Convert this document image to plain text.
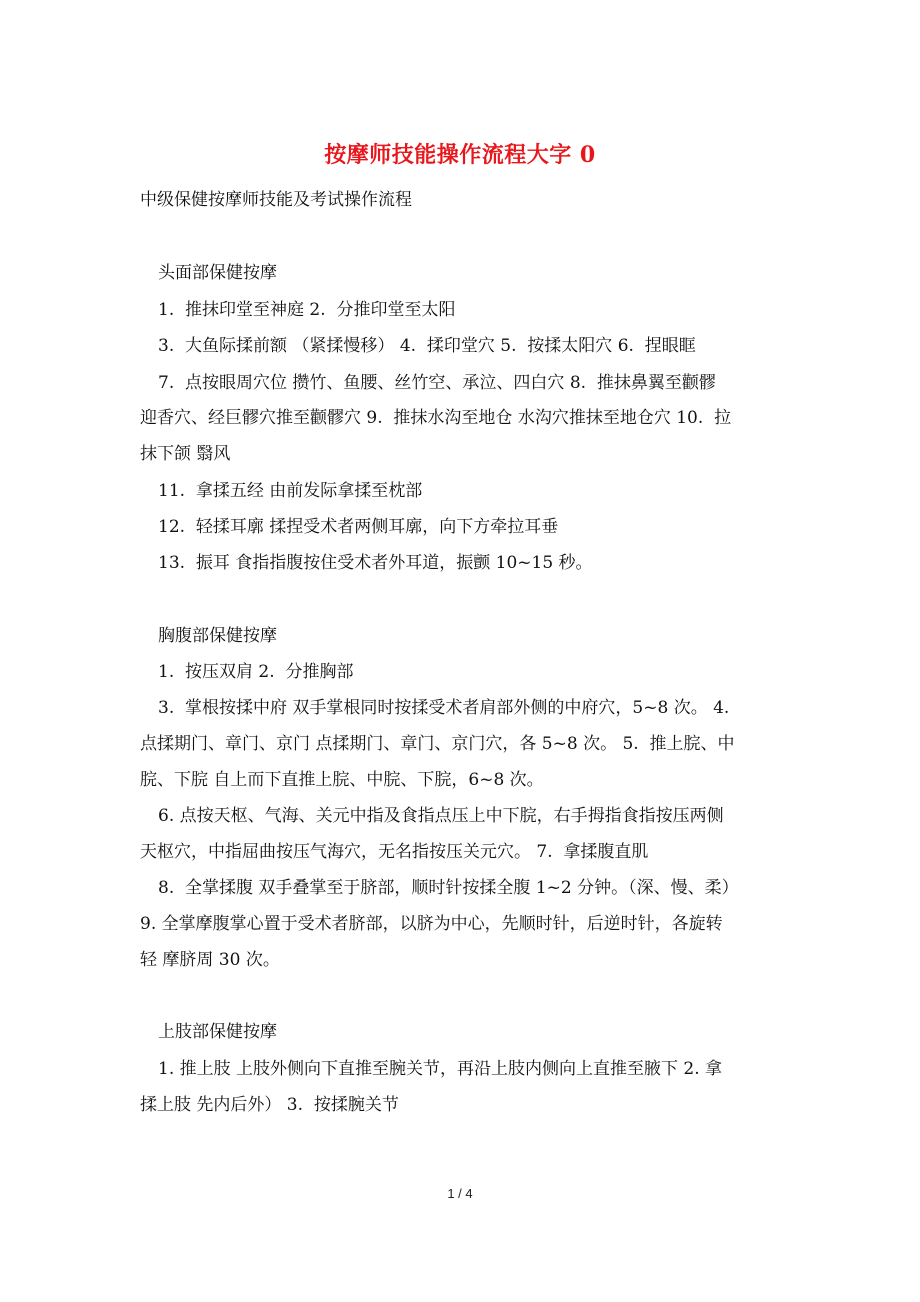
按摩师技能操作流程大字 0
中级保健按摩师技能及考试操作流程
头面部保健按摩
1.  推抹印堂至神庭 2.  分推印堂至太阳
3.  大鱼际揉前额 （紧揉慢移） 4.  揉印堂穴 5.  按揉太阳穴 6.  捏眼眶
7.  点按眼周穴位 攒竹、鱼腰、丝竹空、承泣、四白穴 8.  推抹鼻翼至颧髎
迎香穴、经巨髎穴推至颧髎穴 9.  推抹水沟至地仓 水沟穴推抹至地仓穴 10.  拉
抹下颌 翳风
11.  拿揉五经 由前发际拿揉至枕部
12.  轻揉耳廓 揉捏受术者两侧耳廓，向下方牵拉耳垂
13.  振耳 食指指腹按住受术者外耳道，振颤 10~15 秒。
胸腹部保健按摩
1.  按压双肩 2.  分推胸部
3.  掌根按揉中府 双手掌根同时按揉受术者肩部外侧的中府穴，5~8 次。 4.
点揉期门、章门、京门 点揉期门、章门、京门穴，各 5~8 次。 5.  推上脘、中
脘、下脘 自上而下直推上脘、中脘、下脘，6~8 次。
6. 点按天枢、气海、关元中指及食指点压上中下脘，右手拇指食指按压两侧
天枢穴，中指屈曲按压气海穴，无名指按压关元穴。 7.  拿揉腹直肌
8.  全掌揉腹 双手叠掌至于脐部，顺时针按揉全腹 1~2 分钟。（深、慢、柔）
9. 全掌摩腹掌心置于受术者脐部，以脐为中心，先顺时针，后逆时针，各旋转
轻 摩脐周 30 次。
上肢部保健按摩
1. 推上肢 上肢外侧向下直推至腕关节，再沿上肢内侧向上直推至腋下 2. 拿
揉上肢 先内后外） 3.  按揉腕关节
1 / 4
